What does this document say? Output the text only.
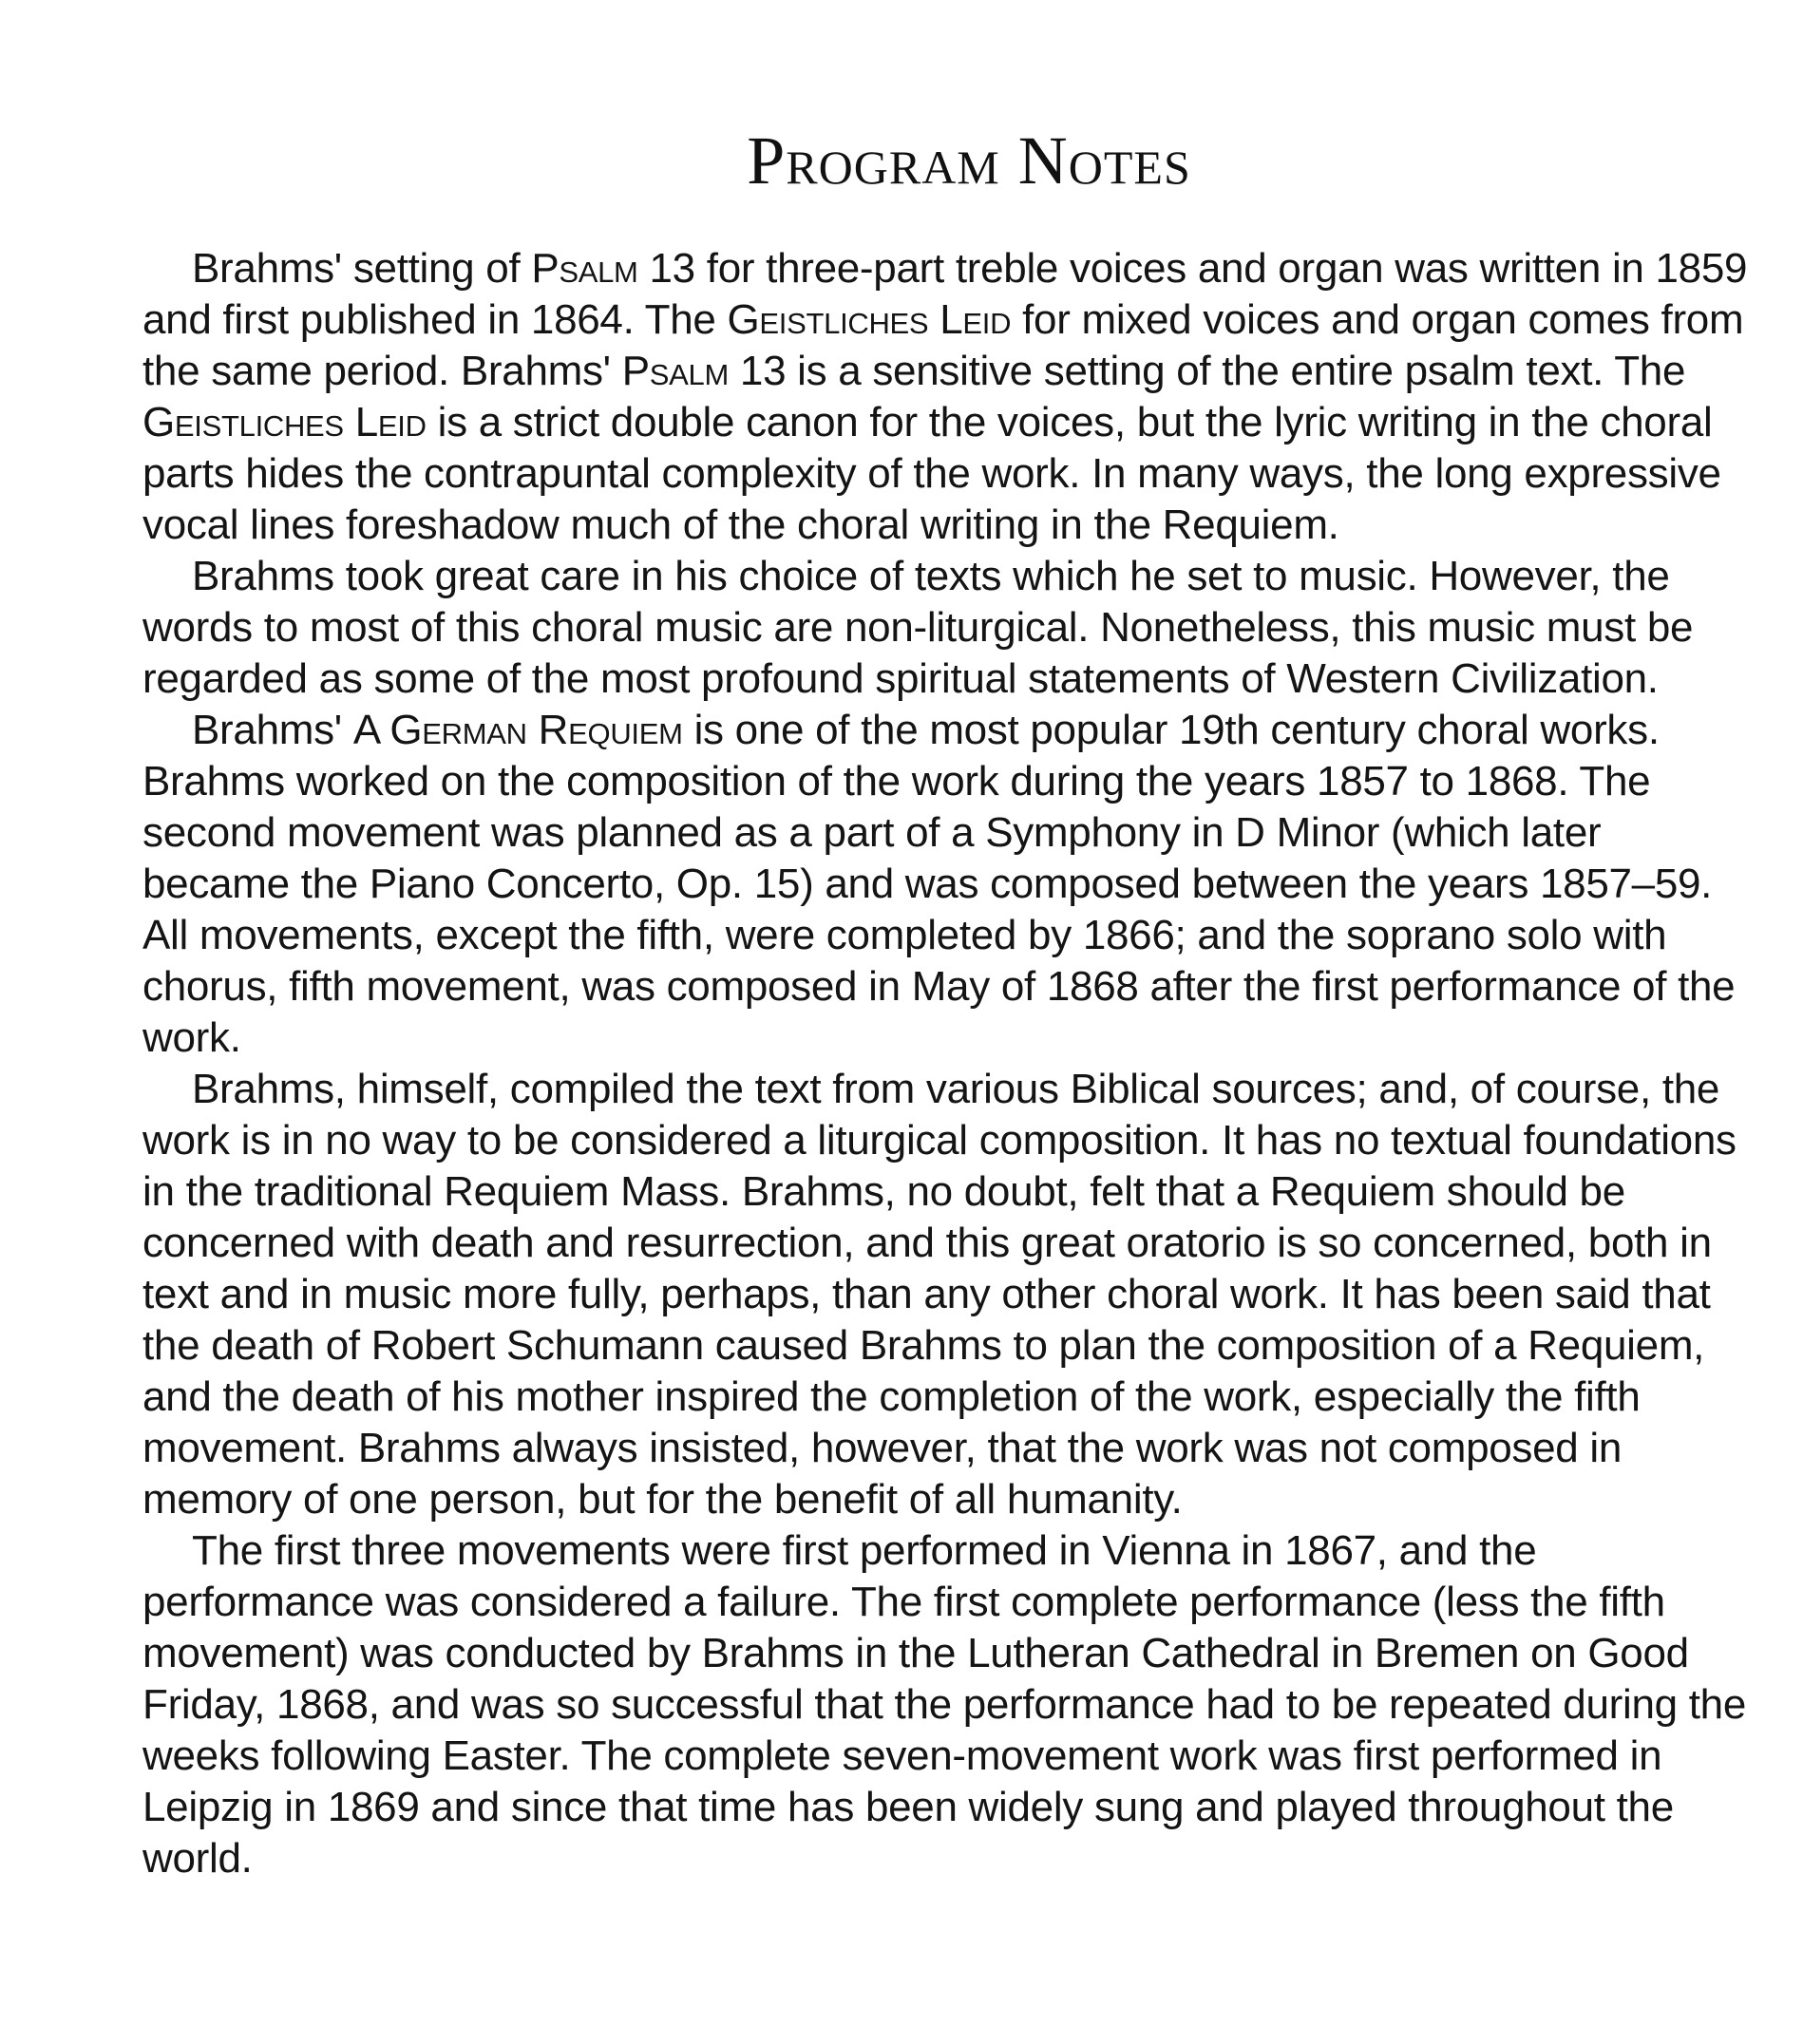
Program Notes

Brahms' setting of Psalm 13 for three-part treble voices and organ was written in 1859 and first published in 1864. The Geistliches Leid for mixed voices and organ comes from the same period. Brahms' Psalm 13 is a sensitive setting of the entire psalm text. The Geistliches Leid is a strict double canon for the voices, but the lyric writing in the choral parts hides the contrapuntal complexity of the work. In many ways, the long expressive vocal lines foreshadow much of the choral writing in the Requiem.

Brahms took great care in his choice of texts which he set to music. However, the words to most of this choral music are non-liturgical. Nonetheless, this music must be regarded as some of the most profound spiritual statements of Western Civilization.

Brahms' A German Requiem is one of the most popular 19th century choral works. Brahms worked on the composition of the work during the years 1857 to 1868. The second movement was planned as a part of a Symphony in D Minor (which later became the Piano Concerto, Op. 15) and was composed between the years 1857–59. All movements, except the fifth, were completed by 1866; and the soprano solo with chorus, fifth movement, was composed in May of 1868 after the first performance of the work.

Brahms, himself, compiled the text from various Biblical sources; and, of course, the work is in no way to be considered a liturgical composition. It has no textual foundations in the traditional Requiem Mass. Brahms, no doubt, felt that a Requiem should be concerned with death and resurrection, and this great oratorio is so concerned, both in text and in music more fully, perhaps, than any other choral work. It has been said that the death of Robert Schumann caused Brahms to plan the composition of a Requiem, and the death of his mother inspired the completion of the work, especially the fifth movement. Brahms always insisted, however, that the work was not composed in memory of one person, but for the benefit of all humanity.

The first three movements were first performed in Vienna in 1867, and the performance was considered a failure. The first complete performance (less the fifth movement) was conducted by Brahms in the Lutheran Cathedral in Bremen on Good Friday, 1868, and was so successful that the performance had to be repeated during the weeks following Easter. The complete seven-movement work was first performed in Leipzig in 1869 and since that time has been widely sung and played throughout the world.
